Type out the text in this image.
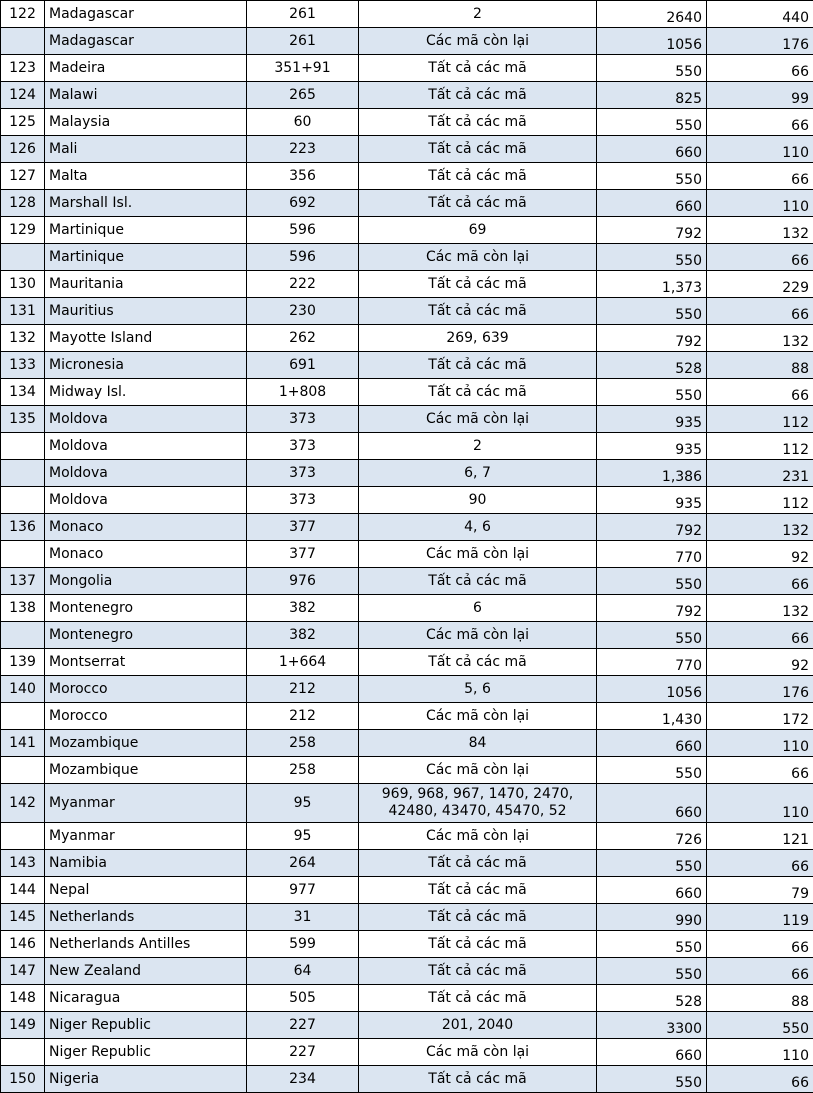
122	Madagascar	261	2	2640	440
	Madagascar	261	Các mã còn lại	1056	176
123	Madeira	351+91	Tất cả các mã	550	66
124	Malawi	265	Tất cả các mã	825	99
125	Malaysia	60	Tất cả các mã	550	66
126	Mali	223	Tất cả các mã	660	110
127	Malta	356	Tất cả các mã	550	66
128	Marshall Isl.	692	Tất cả các mã	660	110
129	Martinique	596	69	792	132
	Martinique	596	Các mã còn lại	550	66
130	Mauritania	222	Tất cả các mã	1,373	229
131	Mauritius	230	Tất cả các mã	550	66
132	Mayotte Island	262	269, 639	792	132
133	Micronesia	691	Tất cả các mã	528	88
134	Midway Isl.	1+808	Tất cả các mã	550	66
135	Moldova	373	Các mã còn lại	935	112
	Moldova	373	2	935	112
	Moldova	373	6, 7	1,386	231
	Moldova	373	90	935	112
136	Monaco	377	4, 6	792	132
	Monaco	377	Các mã còn lại	770	92
137	Mongolia	976	Tất cả các mã	550	66
138	Montenegro	382	6	792	132
	Montenegro	382	Các mã còn lại	550	66
139	Montserrat	1+664	Tất cả các mã	770	92
140	Morocco	212	5, 6	1056	176
	Morocco	212	Các mã còn lại	1,430	172
141	Mozambique	258	84	660	110
	Mozambique	258	Các mã còn lại	550	66
142	Myanmar	95	969, 968, 967, 1470, 2470, 42480, 43470, 45470, 52	660	110
	Myanmar	95	Các mã còn lại	726	121
143	Namibia	264	Tất cả các mã	550	66
144	Nepal	977	Tất cả các mã	660	79
145	Netherlands	31	Tất cả các mã	990	119
146	Netherlands Antilles	599	Tất cả các mã	550	66
147	New Zealand	64	Tất cả các mã	550	66
148	Nicaragua	505	Tất cả các mã	528	88
149	Niger Republic	227	201, 2040	3300	550
	Niger Republic	227	Các mã còn lại	660	110
150	Nigeria	234	Tất cả các mã	550	66
